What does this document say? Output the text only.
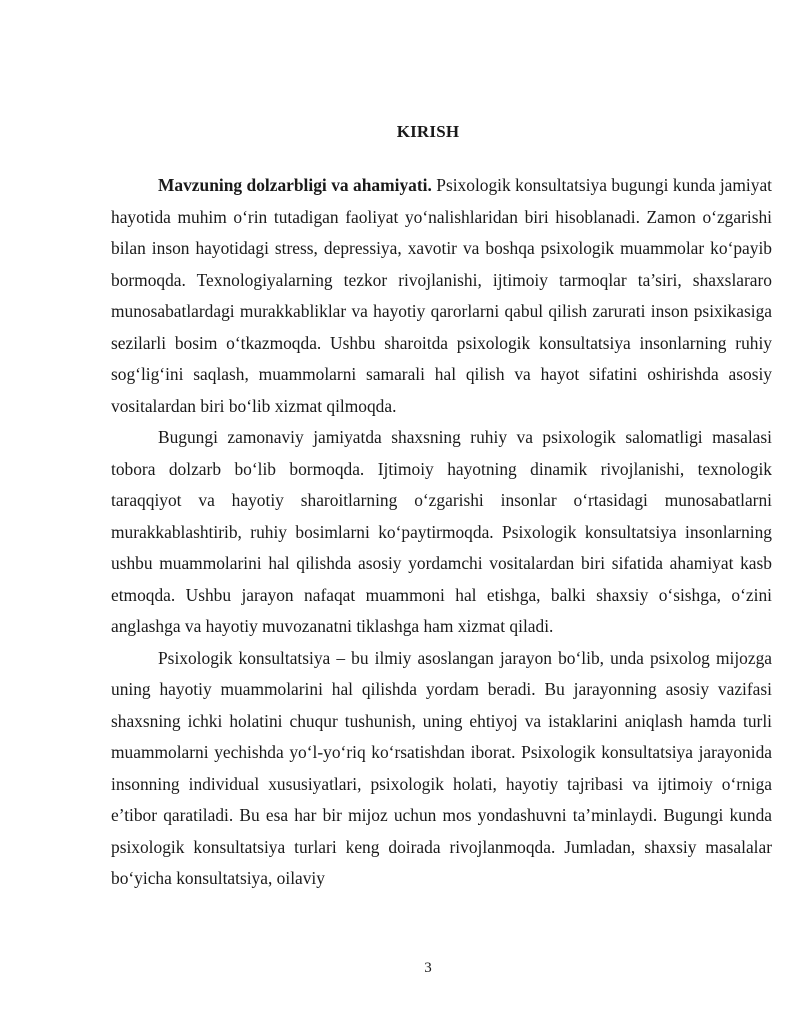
KIRISH

Mavzuning dolzarbligi va ahamiyati. Psixologik konsultatsiya bugungi kunda jamiyat hayotida muhim o‘rin tutadigan faoliyat yo‘nalishlaridan biri hisoblanadi. Zamon o‘zgarishi bilan inson hayotidagi stress, depressiya, xavotir va boshqa psixologik muammolar ko‘payib bormoqda. Texnologiyalarning tezkor rivojlanishi, ijtimoiy tarmoqlar ta’siri, shaxslararo munosabatlardagi murakkabliklar va hayotiy qarorlarni qabul qilish zarurati inson psixikasiga sezilarli bosim o‘tkazmoqda. Ushbu sharoitda psixologik konsultatsiya insonlarning ruhiy sog‘lig‘ini saqlash, muammolarni samarali hal qilish va hayot sifatini oshirishda asosiy vositalardan biri bo‘lib xizmat qilmoqda.

Bugungi zamonaviy jamiyatda shaxsning ruhiy va psixologik salomatligi masalasi tobora dolzarb bo‘lib bormoqda. Ijtimoiy hayotning dinamik rivojlanishi, texnologik taraqqiyot va hayotiy sharoitlarning o‘zgarishi insonlar o‘rtasidagi munosabatlarni murakkablashtirib, ruhiy bosimlarni ko‘paytirmoqda. Psixologik konsultatsiya insonlarning ushbu muammolarini hal qilishda asosiy yordamchi vositalardan biri sifatida ahamiyat kasb etmoqda. Ushbu jarayon nafaqat muammoni hal etishga, balki shaxsiy o‘sishga, o‘zini anglashga va hayotiy muvozanatni tiklashga ham xizmat qiladi.

Psixologik konsultatsiya – bu ilmiy asoslangan jarayon bo‘lib, unda psixolog mijozga uning hayotiy muammolarini hal qilishda yordam beradi. Bu jarayonning asosiy vazifasi shaxsning ichki holatini chuqur tushunish, uning ehtiyoj va istaklarini aniqlash hamda turli muammolarni yechishda yo‘l-yo‘riq ko‘rsatishdan iborat. Psixologik konsultatsiya jarayonida insonning individual xususiyatlari, psixologik holati, hayotiy tajribasi va ijtimoiy o‘rniga e’tibor qaratiladi. Bu esa har bir mijoz uchun mos yondashuvni ta’minlaydi. Bugungi kunda psixologik konsultatsiya turlari keng doirada rivojlanmoqda. Jumladan, shaxsiy masalalar bo‘yicha konsultatsiya, oilaviy

3
